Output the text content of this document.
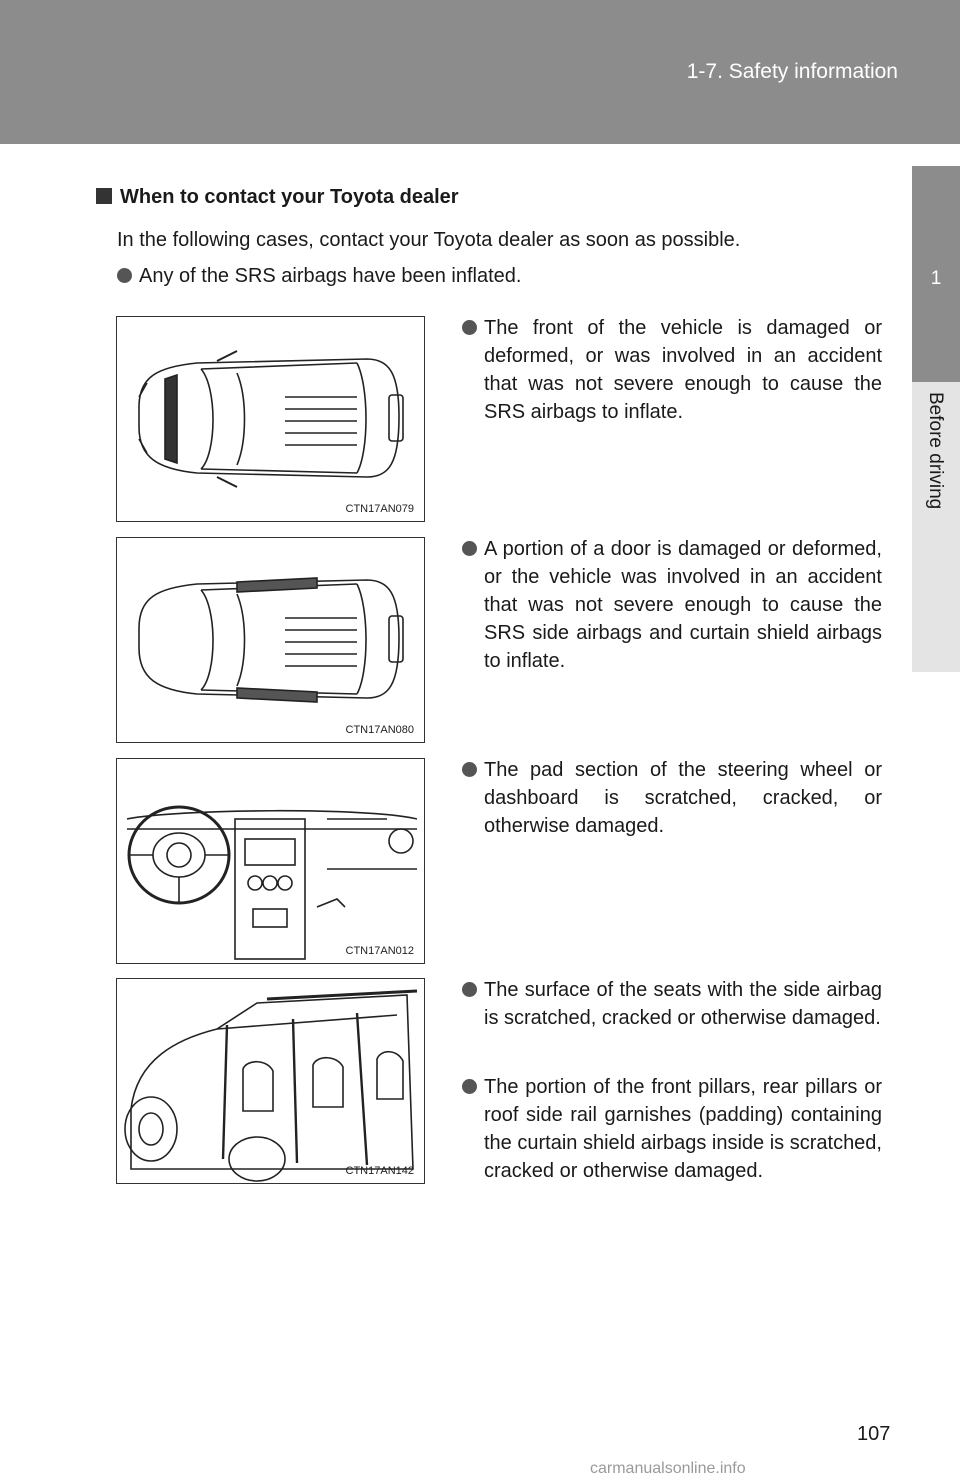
1-7. Safety information
1
Before driving
When to contact your Toyota dealer
In the following cases, contact your Toyota dealer as soon as possible.
Any of the SRS airbags have been inflated.
CTN17AN079
The front of the vehicle is damaged or deformed, or was involved in an accident that was not severe enough to cause the SRS airbags to inflate.
CTN17AN080
A portion of a door is damaged or deformed, or the vehicle was involved in an accident that was not severe enough to cause the SRS side airbags and curtain shield airbags to inflate.
CTN17AN012
The pad section of the steering wheel or dashboard is scratched, cracked, or otherwise damaged.
CTN17AN142
The surface of the seats with the side airbag is scratched, cracked or otherwise damaged.
The portion of the front pillars, rear pillars or roof side rail garnishes (padding) containing the curtain shield airbags inside is scratched, cracked or otherwise damaged.
107
carmanualsonline.info
